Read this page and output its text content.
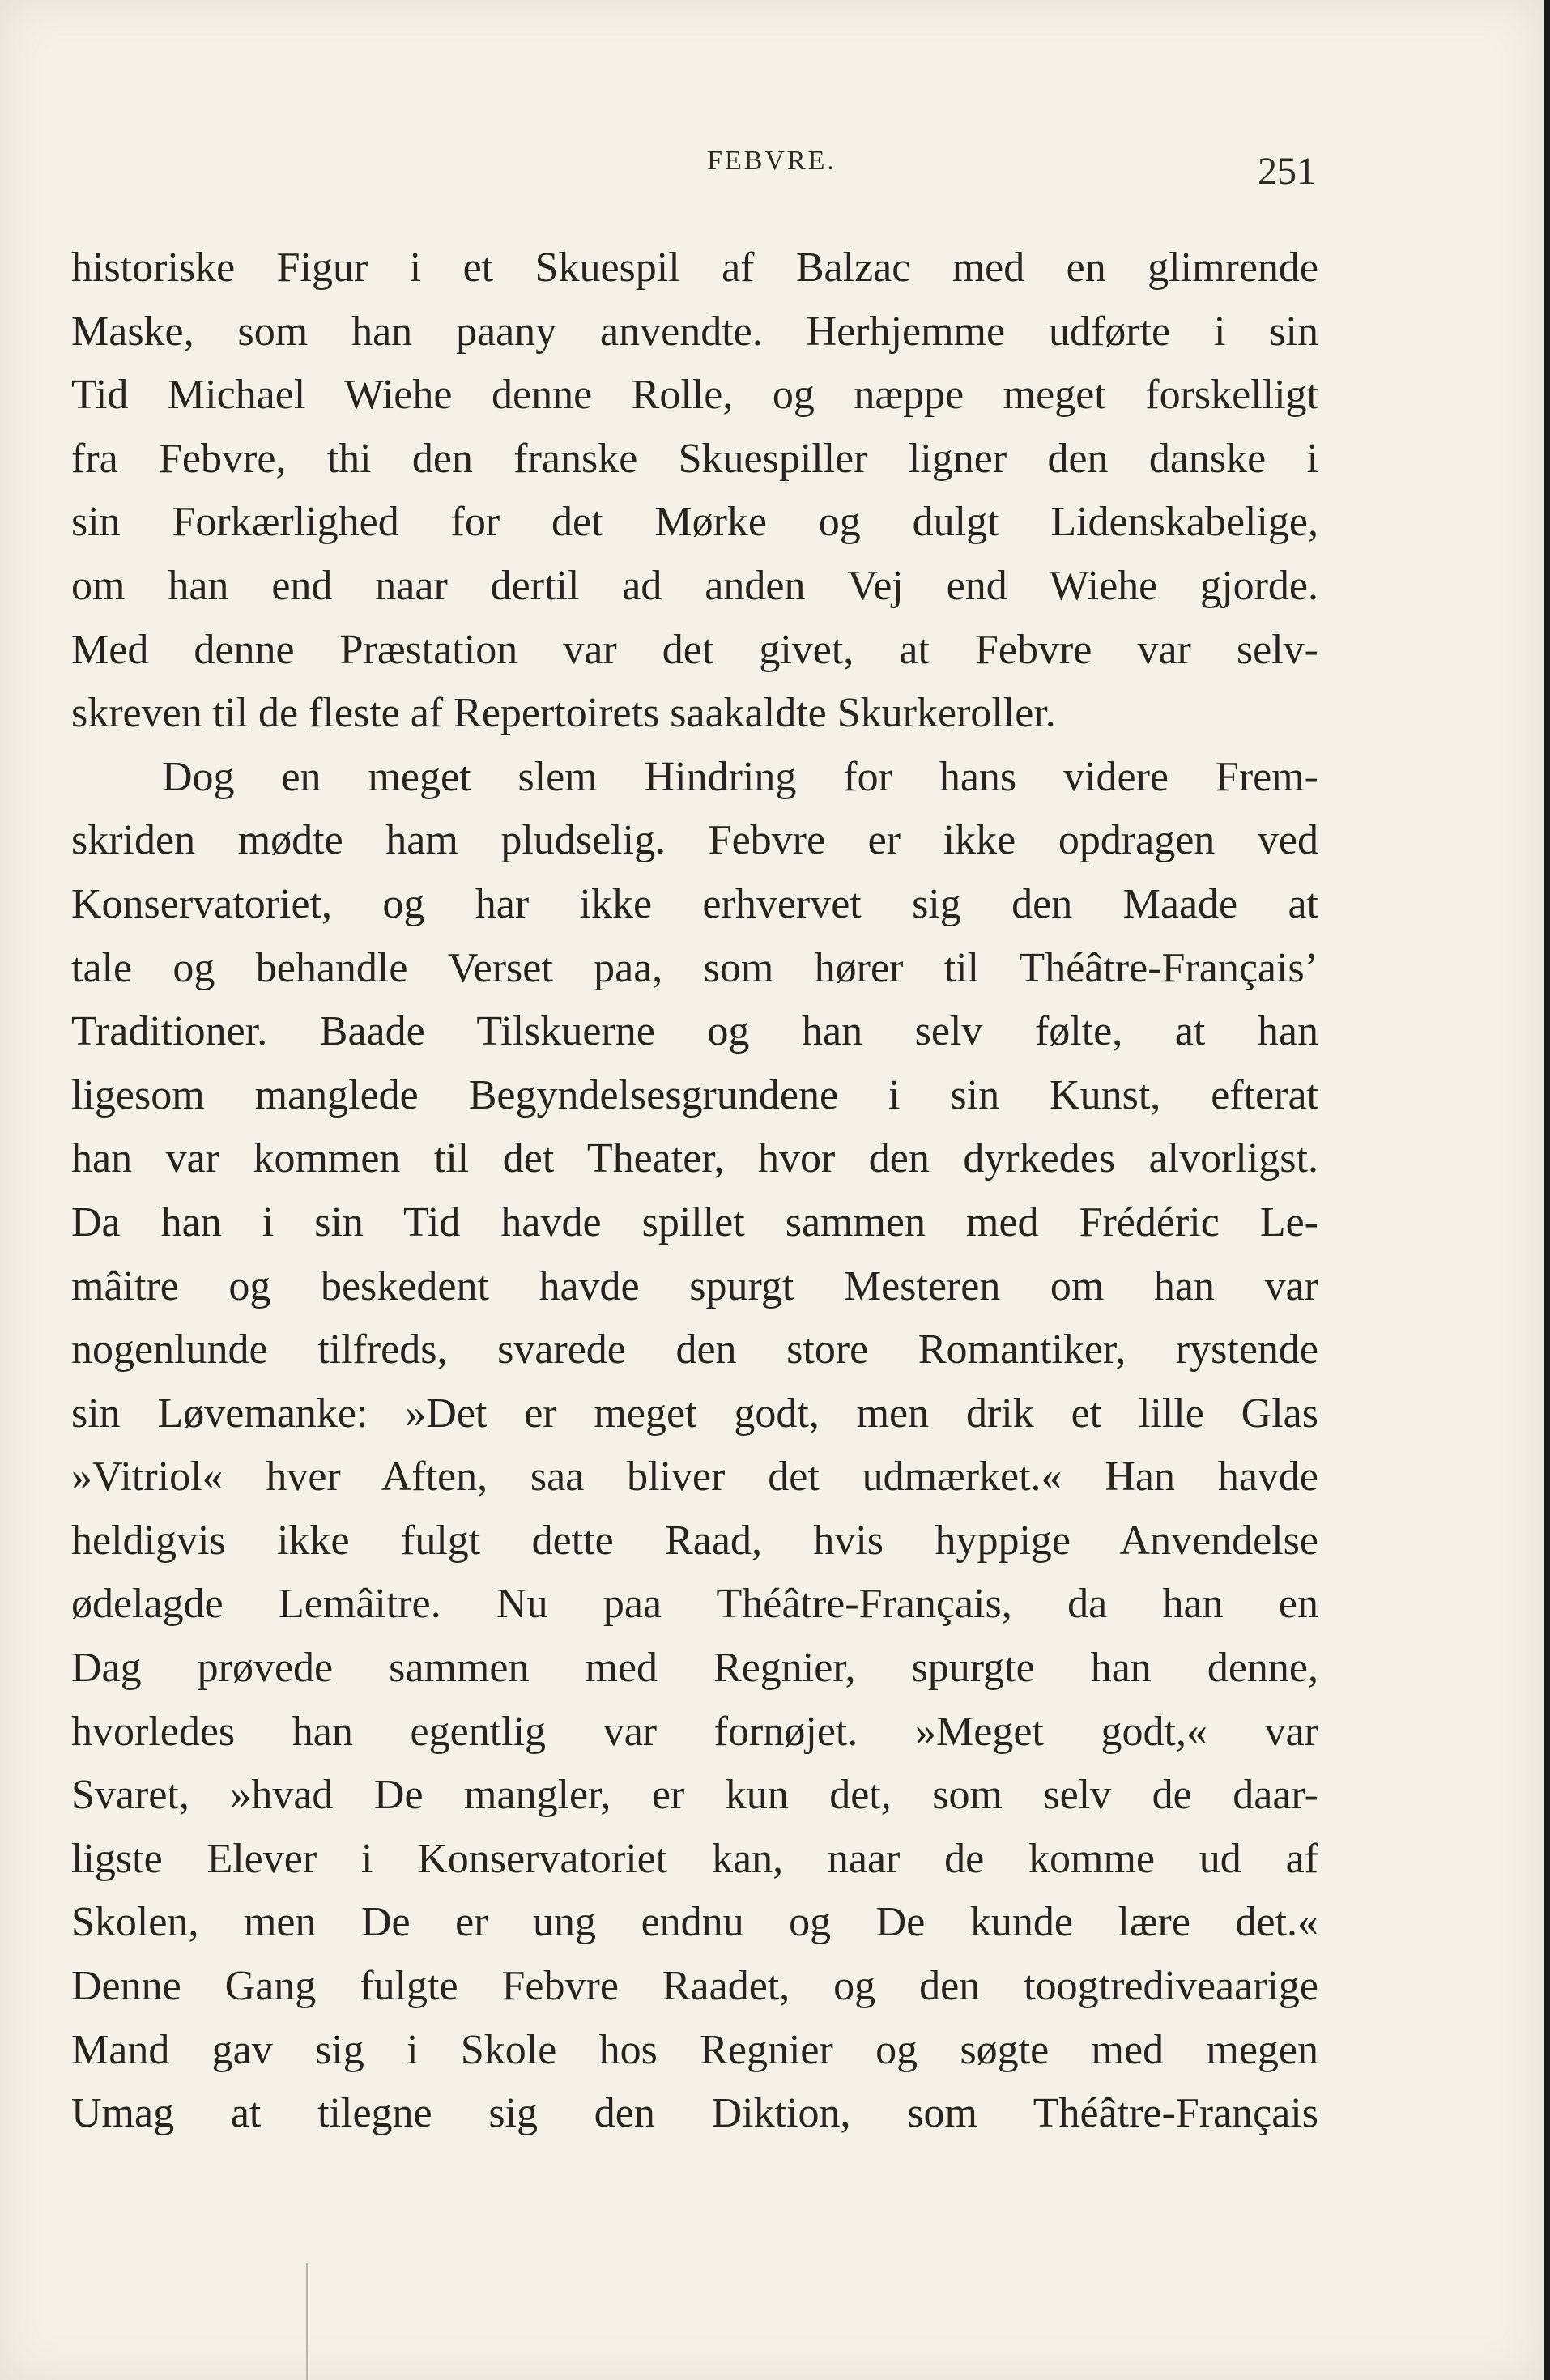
FEBVRE.	251
historiske Figur i et Skuespil af Balzac med en glimrende
Maske, som han paany anvendte. Herhjemme udførte i sin
Tid Michael Wiehe denne Rolle, og næppe meget forskelligt
fra Febvre, thi den franske Skuespiller ligner den danske i
sin Forkærlighed for det Mørke og dulgt Lidenskabelige,
om han end naar dertil ad anden Vej end Wiehe gjorde.
Med denne Præstation var det givet, at Febvre var selv-
skreven til de fleste af Repertoirets saakaldte Skurkeroller.
Dog en meget slem Hindring for hans videre Frem-
skriden mødte ham pludselig. Febvre er ikke opdragen ved
Konservatoriet, og har ikke erhvervet sig den Maade at
tale og behandle Verset paa, som hører til Théâtre-Français’
Traditioner. Baade Tilskuerne og han selv følte, at han
ligesom manglede Begyndelsesgrundene i sin Kunst, efterat
han var kommen til det Theater, hvor den dyrkedes alvorligst.
Da han i sin Tid havde spillet sammen med Frédéric Le-
mâitre og beskedent havde spurgt Mesteren om han var
nogenlunde tilfreds, svarede den store Romantiker, rystende
sin Løvemanke: »Det er meget godt, men drik et lille Glas
»Vitriol« hver Aften, saa bliver det udmærket.« Han havde
heldigvis ikke fulgt dette Raad, hvis hyppige Anvendelse
ødelagde Lemâitre. Nu paa Théâtre-Français, da han en
Dag prøvede sammen med Regnier, spurgte han denne,
hvorledes han egentlig var fornøjet. »Meget godt,« var
Svaret, »hvad De mangler, er kun det, som selv de daar-
ligste Elever i Konservatoriet kan, naar de komme ud af
Skolen, men De er ung endnu og De kunde lære det.«
Denne Gang fulgte Febvre Raadet, og den toogtrediveaarige
Mand gav sig i Skole hos Regnier og søgte med megen
Umag at tilegne sig den Diktion, som Théâtre-Français
